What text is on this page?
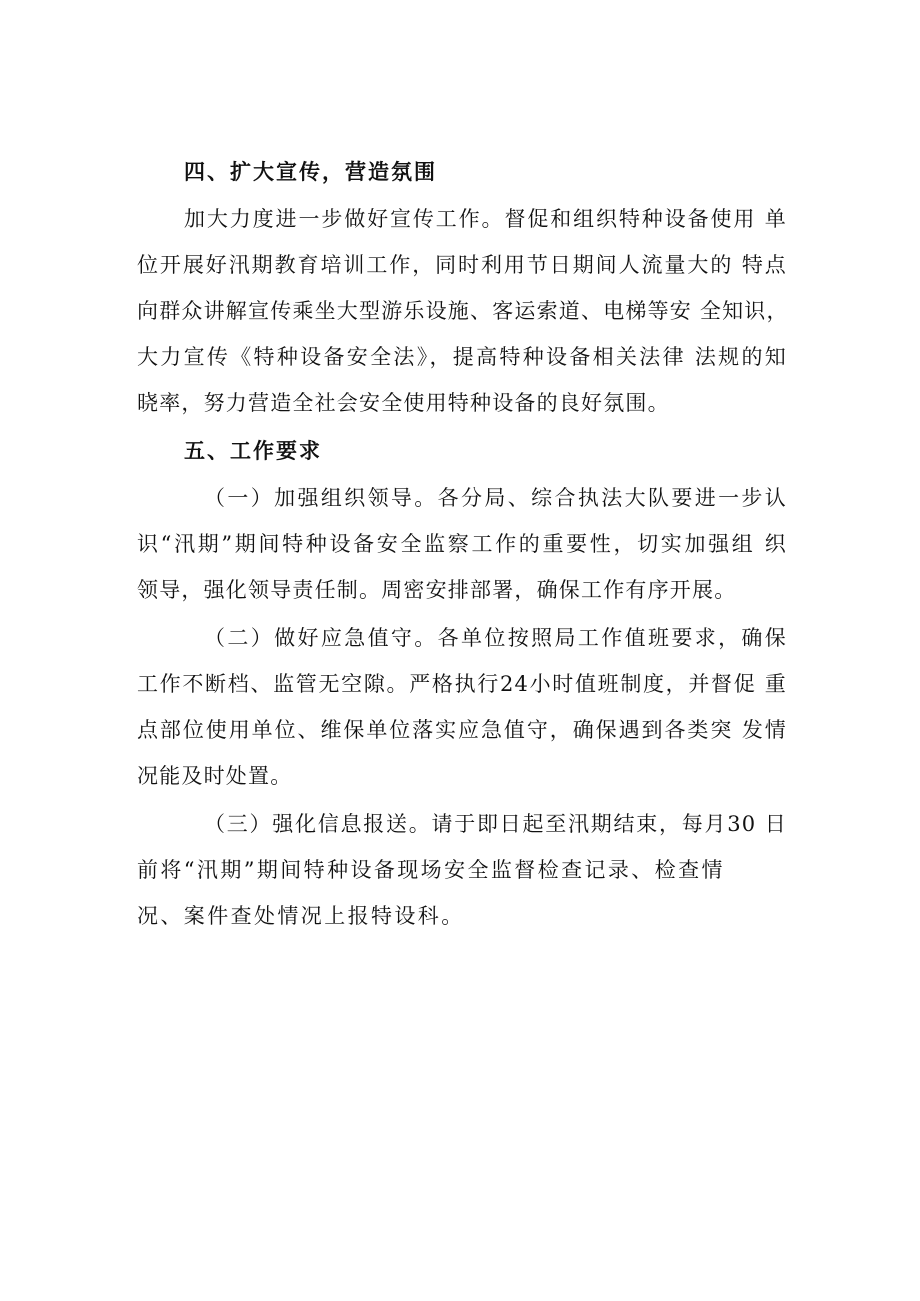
四、扩大宣传，营造氛围
加大力度进一步做好宣传工作。督促和组织特种设备使用 单
位开展好汛期教育培训工作，同时利用节日期间人流量大的 特点
向群众讲解宣传乘坐大型游乐设施、客运索道、电梯等安 全知识，
大力宣传《特种设备安全法》，提高特种设备相关法律 法规的知
晓率，努力营造全社会安全使用特种设备的良好氛围。
五、工作要求
（一）加强组织领导。各分局、综合执法大队要进一步认
识“汛期”期间特种设备安全监察工作的重要性，切实加强组 织
领导，强化领导责任制。周密安排部署，确保工作有序开展。
（二）做好应急值守。各单位按照局工作值班要求，确保
工作不断档、监管无空隙。严格执行24小时值班制度，并督促 重
点部位使用单位、维保单位落实应急值守，确保遇到各类突 发情
况能及时处置。
（三）强化信息报送。请于即日起至汛期结束，每月30 日
前将“汛期”期间特种设备现场安全监督检查记录、检查情
况、案件查处情况上报特设科。
